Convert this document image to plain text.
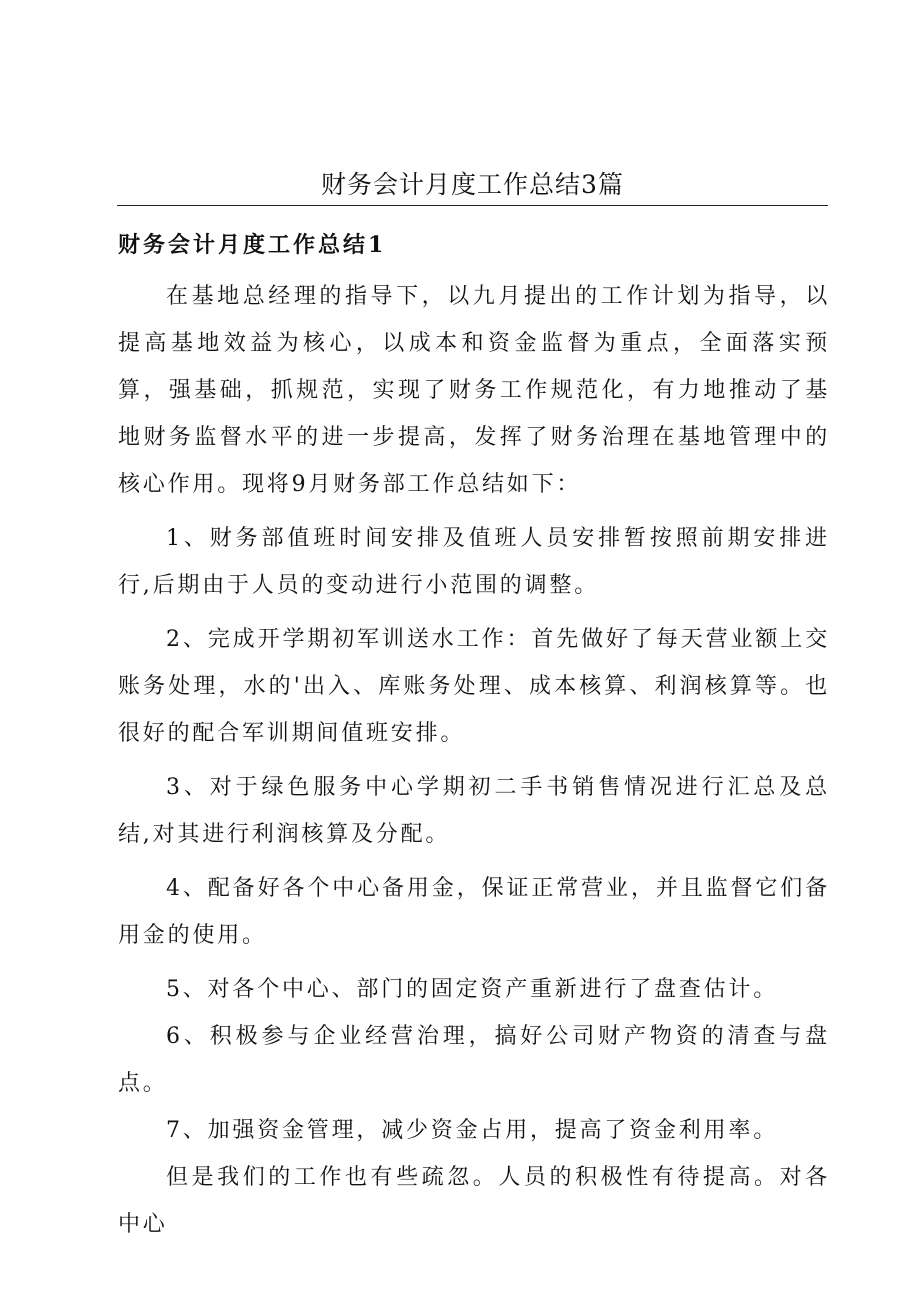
财务会计月度工作总结3篇
财务会计月度工作总结1

在基地总经理的指导下，以九月提出的工作计划为指导，以提高基地效益为核心，以成本和资金监督为重点，全面落实预算，强基础，抓规范，实现了财务工作规范化，有力地推动了基地财务监督水平的进一步提高，发挥了财务治理在基地管理中的核心作用。现将9月财务部工作总结如下：

1、财务部值班时间安排及值班人员安排暂按照前期安排进行,后期由于人员的变动进行小范围的调整。

2、完成开学期初军训送水工作：首先做好了每天营业额上交账务处理，水的'出入、库账务处理、成本核算、利润核算等。也很好的配合军训期间值班安排。

3、对于绿色服务中心学期初二手书销售情况进行汇总及总结,对其进行利润核算及分配。

4、配备好各个中心备用金，保证正常营业，并且监督它们备用金的使用。

5、对各个中心、部门的固定资产重新进行了盘查估计。

6、积极参与企业经营治理，搞好公司财产物资的清查与盘点。

7、加强资金管理，减少资金占用，提高了资金利用率。

但是我们的工作也有些疏忽。人员的积极性有待提高。对各中心
